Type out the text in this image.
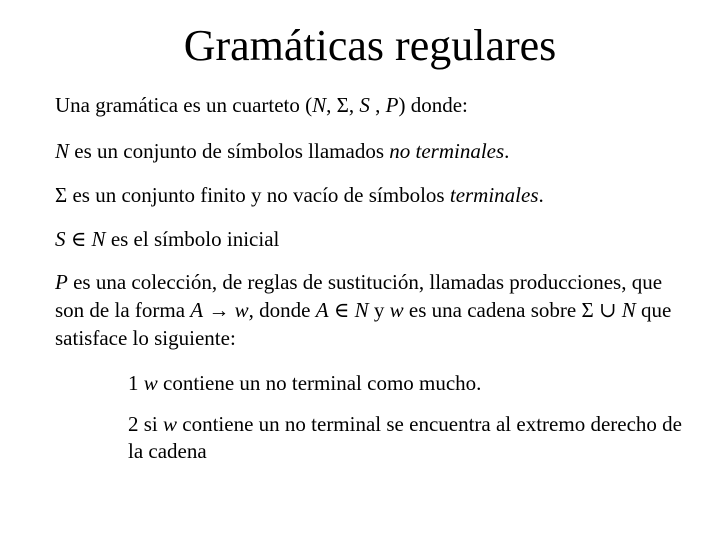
Gramáticas regulares

Una gramática es un cuarteto (N, Σ, S , P) donde:

N es un conjunto de símbolos llamados no terminales.

Σ es un conjunto finito y no vacío de símbolos terminales.

S ∈ N es el símbolo inicial

P es una colección, de reglas de sustitución, llamadas producciones, que son de la forma A → w, donde A ∈ N y w es una cadena sobre Σ ∪ N que satisface lo siguiente:

1 w contiene un no terminal como mucho.

2 si w contiene un no terminal se encuentra al extremo derecho de la cadena
